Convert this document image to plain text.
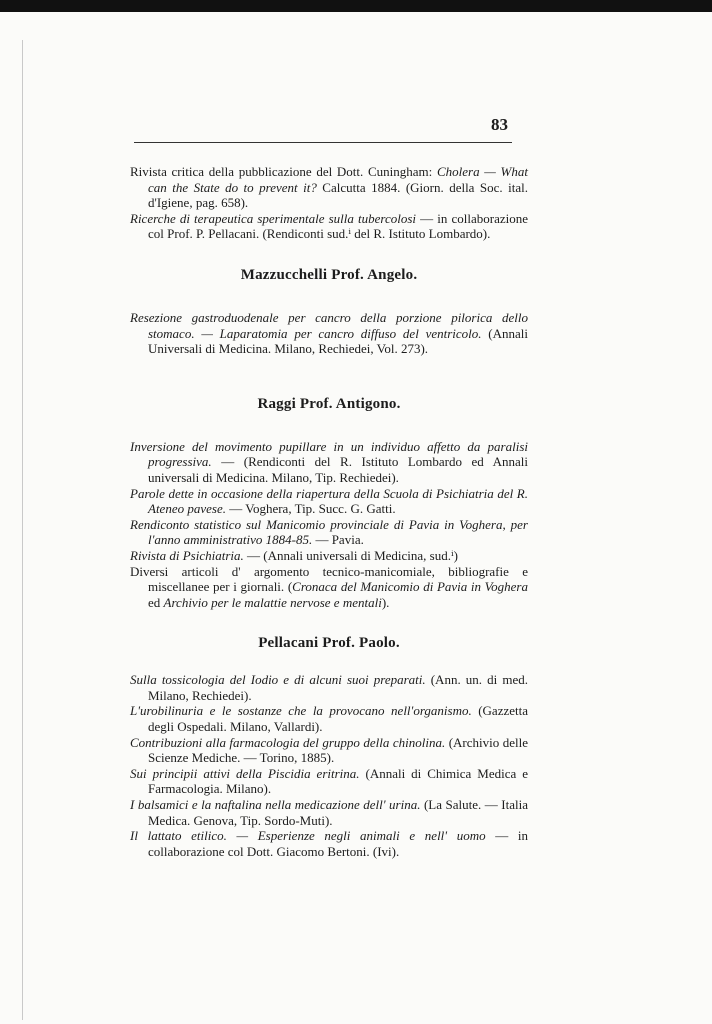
83
Rivista critica della pubblicazione del Dott. Cuningham: Cholera — What can the State do to prevent it? Calcutta 1884. (Giorn. della Soc. ital. d'Igiene, pag. 658).
Ricerche di terapeutica sperimentale sulla tubercolosi — in collaborazione col Prof. P. Pellacani. (Rendiconti sud.ⁱ del R. Istituto Lombardo).
Mazzucchelli Prof. Angelo.
Resezione gastroduodenale per cancro della porzione pilorica dello stomaco. — Laparatomia per cancro diffuso del ventricolo. (Annali Universali di Medicina. Milano, Rechiedei, Vol. 273).
Raggi Prof. Antigono.
Inversione del movimento pupillare in un individuo affetto da paralisi progressiva. — (Rendiconti del R. Istituto Lombardo ed Annali universali di Medicina. Milano, Tip. Rechiedei).
Parole dette in occasione della riapertura della Scuola di Psichiatria del R. Ateneo pavese. — Voghera, Tip. Succ. G. Gatti.
Rendiconto statistico sul Manicomio provinciale di Pavia in Voghera, per l'anno amministrativo 1884-85. — Pavia.
Rivista di Psichiatria. — (Annali universali di Medicina, sud.ⁱ)
Diversi articoli d' argomento tecnico-manicomiale, bibliografie e miscellanee per i giornali. (Cronaca del Manicomio di Pavia in Voghera ed Archivio per le malattie nervose e mentali).
Pellacani Prof. Paolo.
Sulla tossicologia del Iodio e di alcuni suoi preparati. (Ann. un. di med. Milano, Rechiedei).
L'urobilinuria e le sostanze che la provocano nell'organismo. (Gazzetta degli Ospedali. Milano, Vallardi).
Contribuzioni alla farmacologia del gruppo della chinolina. (Archivio delle Scienze Mediche. — Torino, 1885).
Sui principii attivi della Piscidia eritrina. (Annali di Chimica Medica e Farmacologia. Milano).
I balsamici e la naftalina nella medicazione dell' urina. (La Salute. — Italia Medica. Genova, Tip. Sordo-Muti).
Il lattato etilico. — Esperienze negli animali e nell' uomo — in collaborazione col Dott. Giacomo Bertoni. (Ivi).
